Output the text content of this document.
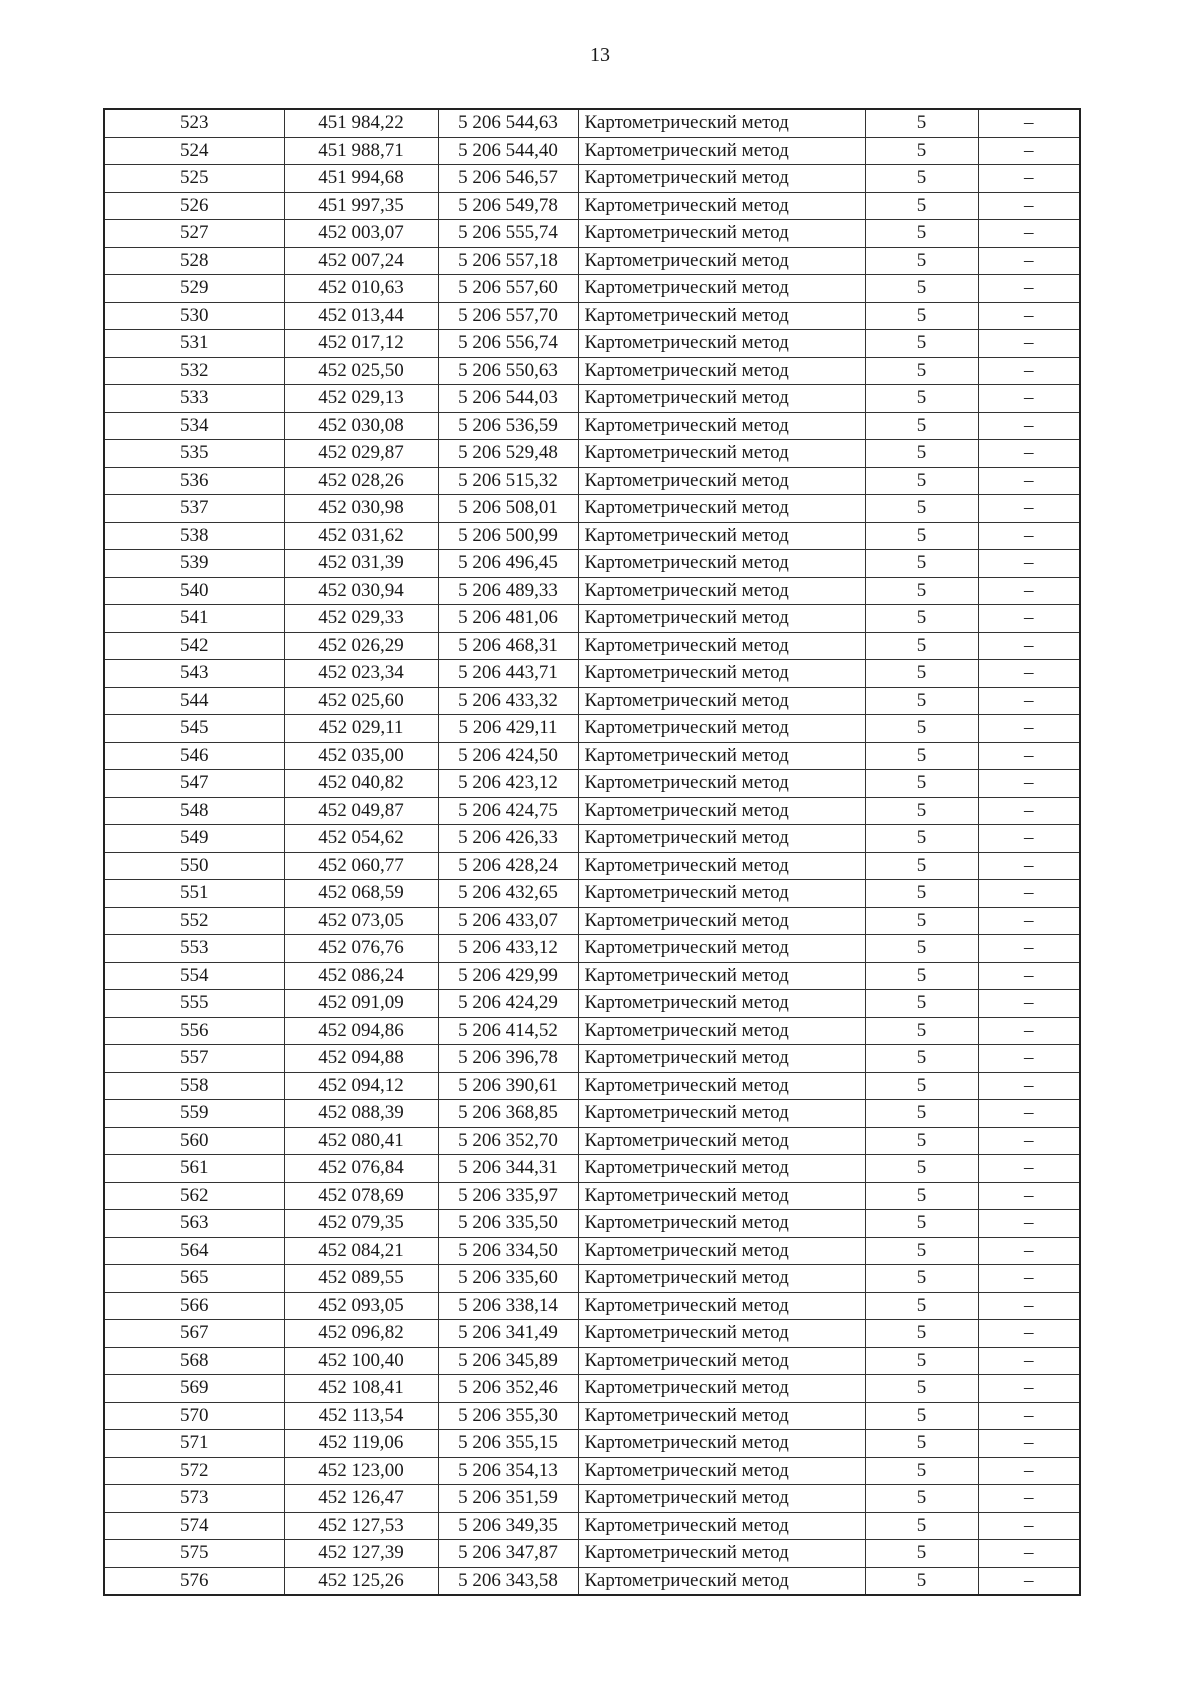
13
523	451 984,22	5 206 544,63	Картометрический метод	5	–
524	451 988,71	5 206 544,40	Картометрический метод	5	–
525	451 994,68	5 206 546,57	Картометрический метод	5	–
526	451 997,35	5 206 549,78	Картометрический метод	5	–
527	452 003,07	5 206 555,74	Картометрический метод	5	–
528	452 007,24	5 206 557,18	Картометрический метод	5	–
529	452 010,63	5 206 557,60	Картометрический метод	5	–
530	452 013,44	5 206 557,70	Картометрический метод	5	–
531	452 017,12	5 206 556,74	Картометрический метод	5	–
532	452 025,50	5 206 550,63	Картометрический метод	5	–
533	452 029,13	5 206 544,03	Картометрический метод	5	–
534	452 030,08	5 206 536,59	Картометрический метод	5	–
535	452 029,87	5 206 529,48	Картометрический метод	5	–
536	452 028,26	5 206 515,32	Картометрический метод	5	–
537	452 030,98	5 206 508,01	Картометрический метод	5	–
538	452 031,62	5 206 500,99	Картометрический метод	5	–
539	452 031,39	5 206 496,45	Картометрический метод	5	–
540	452 030,94	5 206 489,33	Картометрический метод	5	–
541	452 029,33	5 206 481,06	Картометрический метод	5	–
542	452 026,29	5 206 468,31	Картометрический метод	5	–
543	452 023,34	5 206 443,71	Картометрический метод	5	–
544	452 025,60	5 206 433,32	Картометрический метод	5	–
545	452 029,11	5 206 429,11	Картометрический метод	5	–
546	452 035,00	5 206 424,50	Картометрический метод	5	–
547	452 040,82	5 206 423,12	Картометрический метод	5	–
548	452 049,87	5 206 424,75	Картометрический метод	5	–
549	452 054,62	5 206 426,33	Картометрический метод	5	–
550	452 060,77	5 206 428,24	Картометрический метод	5	–
551	452 068,59	5 206 432,65	Картометрический метод	5	–
552	452 073,05	5 206 433,07	Картометрический метод	5	–
553	452 076,76	5 206 433,12	Картометрический метод	5	–
554	452 086,24	5 206 429,99	Картометрический метод	5	–
555	452 091,09	5 206 424,29	Картометрический метод	5	–
556	452 094,86	5 206 414,52	Картометрический метод	5	–
557	452 094,88	5 206 396,78	Картометрический метод	5	–
558	452 094,12	5 206 390,61	Картометрический метод	5	–
559	452 088,39	5 206 368,85	Картометрический метод	5	–
560	452 080,41	5 206 352,70	Картометрический метод	5	–
561	452 076,84	5 206 344,31	Картометрический метод	5	–
562	452 078,69	5 206 335,97	Картометрический метод	5	–
563	452 079,35	5 206 335,50	Картометрический метод	5	–
564	452 084,21	5 206 334,50	Картометрический метод	5	–
565	452 089,55	5 206 335,60	Картометрический метод	5	–
566	452 093,05	5 206 338,14	Картометрический метод	5	–
567	452 096,82	5 206 341,49	Картометрический метод	5	–
568	452 100,40	5 206 345,89	Картометрический метод	5	–
569	452 108,41	5 206 352,46	Картометрический метод	5	–
570	452 113,54	5 206 355,30	Картометрический метод	5	–
571	452 119,06	5 206 355,15	Картометрический метод	5	–
572	452 123,00	5 206 354,13	Картометрический метод	5	–
573	452 126,47	5 206 351,59	Картометрический метод	5	–
574	452 127,53	5 206 349,35	Картометрический метод	5	–
575	452 127,39	5 206 347,87	Картометрический метод	5	–
576	452 125,26	5 206 343,58	Картометрический метод	5	–
